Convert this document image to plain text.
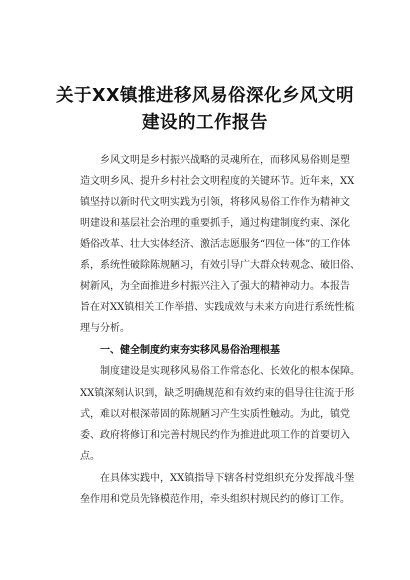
关于XX镇推进移风易俗深化乡风文明
建设的工作报告
乡风文明是乡村振兴战略的灵魂所在，而移风易俗则是塑
造文明乡风、提升乡村社会文明程度的关键环节。近年来，XX
镇坚持以新时代文明实践为引领，将移风易俗工作作为精神文
明建设和基层社会治理的重要抓手，通过构建制度约束、深化
婚俗改革、壮大实体经济、激活志愿服务“四位一体”的工作体
系，系统性破除陈规陋习，有效引导广大群众转观念、破旧俗、
树新风，为全面推进乡村振兴注入了强大的精神动力。本报告
旨在对XX镇相关工作举措、实践成效与未来方向进行系统性梳
理与分析。
一、健全制度约束夯实移风易俗治理根基
制度建设是实现移风易俗工作常态化、长效化的根本保障。
XX镇深刻认识到，缺乏明确规范和有效约束的倡导往往流于形
式，难以对根深蒂固的陈规陋习产生实质性触动。为此，镇党
委、政府将修订和完善村规民约作为推进此项工作的首要切入
点。
在具体实践中，XX镇指导下辖各村党组织充分发挥战斗堡
垒作用和党员先锋模范作用，牵头组织村规民约的修订工作。
